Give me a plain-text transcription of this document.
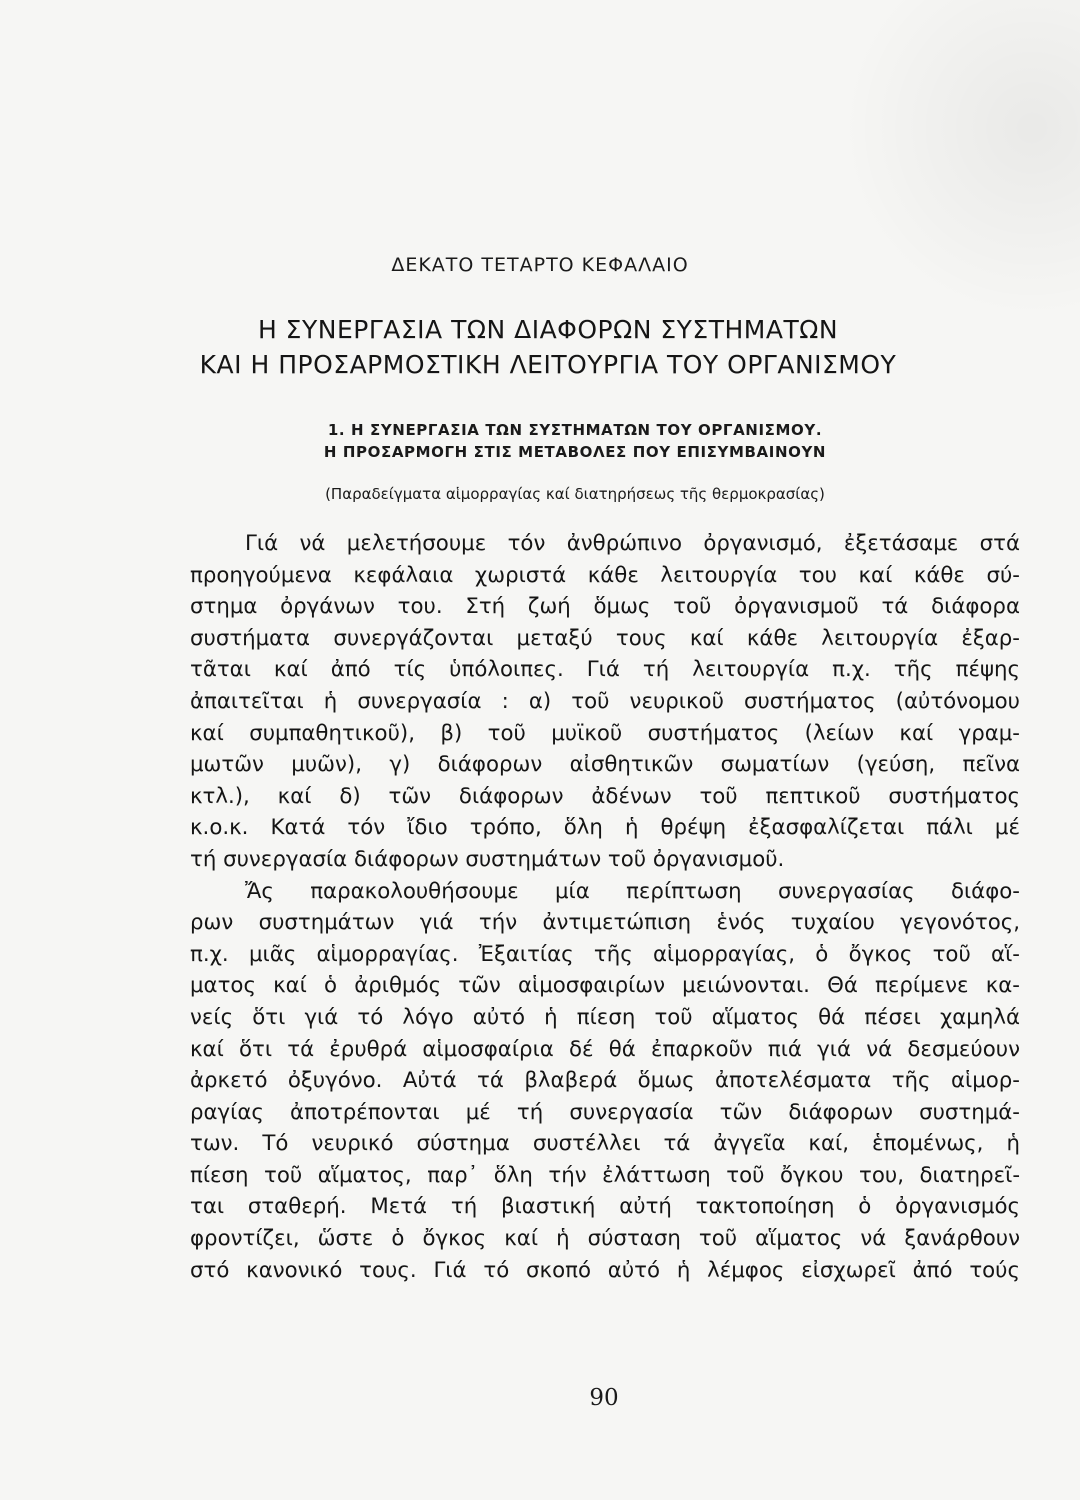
ΔΕΚΑΤΟ ΤΕΤΑΡΤΟ ΚΕΦΑΛΑΙΟ
Η ΣΥΝΕΡΓΑΣΙΑ ΤΩΝ ΔΙΑΦΟΡΩΝ ΣΥΣΤΗΜΑΤΩΝ
ΚΑΙ Η ΠΡΟΣΑΡΜΟΣΤΙΚΗ ΛΕΙΤΟΥΡΓΙΑ ΤΟΥ ΟΡΓΑΝΙΣΜΟΥ
1. Η ΣΥΝΕΡΓΑΣΙΑ ΤΩΝ ΣΥΣΤΗΜΑΤΩΝ ΤΟΥ ΟΡΓΑΝΙΣΜΟΥ.
Η ΠΡΟΣΑΡΜΟΓΗ ΣΤΙΣ ΜΕΤΑΒΟΛΕΣ ΠΟΥ ΕΠΙΣΥΜΒΑΙΝΟΥΝ
(Παραδείγματα αἱμορραγίας καί διατηρήσεως τῆς θερμοκρασίας)
Γιά νά μελετήσουμε τόν ἀνθρώπινο ὀργανισμό, ἐξετάσαμε στά
προηγούμενα κεφάλαια χωριστά κάθε λειτουργία του καί κάθε σύ-
στημα ὀργάνων του. Στή ζωή ὅμως τοῦ ὀργανισμοῦ τά διάφορα
συστήματα συνεργάζονται μεταξύ τους καί κάθε λειτουργία ἐξαρ-
τᾶται καί ἀπό τίς ὑπόλοιπες. Γιά τή λειτουργία π.χ. τῆς πέψης
ἀπαιτεῖται ἡ συνεργασία : α) τοῦ νευρικοῦ συστήματος (αὐτόνομου
καί συμπαθητικοῦ), β) τοῦ μυϊκοῦ συστήματος (λείων καί γραμ-
μωτῶν μυῶν), γ) διάφορων αἰσθητικῶν σωματίων (γεύση, πεῖνα
κτλ.), καί δ) τῶν διάφορων ἀδένων τοῦ πεπτικοῦ συστήματος
κ.ο.κ. Κατά τόν ἴδιο τρόπο, ὅλη ἡ θρέψη ἐξασφαλίζεται πάλι μέ
τή συνεργασία διάφορων συστημάτων τοῦ ὀργανισμοῦ.
Ἄς παρακολουθήσουμε μία περίπτωση συνεργασίας διάφο-
ρων συστημάτων γιά τήν ἀντιμετώπιση ἑνός τυχαίου γεγονότος,
π.χ. μιᾶς αἱμορραγίας. Ἐξαιτίας τῆς αἱμορραγίας, ὁ ὄγκος τοῦ αἵ-
ματος καί ὁ ἀριθμός τῶν αἱμοσφαιρίων μειώνονται. Θά περίμενε κα-
νείς ὅτι γιά τό λόγο αὐτό ἡ πίεση τοῦ αἵματος θά πέσει χαμηλά
καί ὅτι τά ἐρυθρά αἱμοσφαίρια δέ θά ἐπαρκοῦν πιά γιά νά δεσμεύουν
ἀρκετό ὀξυγόνο. Αὐτά τά βλαβερά ὅμως ἀποτελέσματα τῆς αἱμορ-
ραγίας ἀποτρέπονται μέ τή συνεργασία τῶν διάφορων συστημά-
των. Τό νευρικό σύστημα συστέλλει τά ἀγγεῖα καί, ἑπομένως, ἡ
πίεση τοῦ αἵματος, παρ᾽ ὅλη τήν ἐλάττωση τοῦ ὄγκου του, διατηρεῖ-
ται σταθερή. Μετά τή βιαστική αὐτή τακτοποίηση ὁ ὀργανισμός
φροντίζει, ὥστε ὁ ὄγκος καί ἡ σύσταση τοῦ αἵματος νά ξανάρθουν
στό κανονικό τους. Γιά τό σκοπό αὐτό ἡ λέμφος εἰσχωρεῖ ἀπό τούς
90
